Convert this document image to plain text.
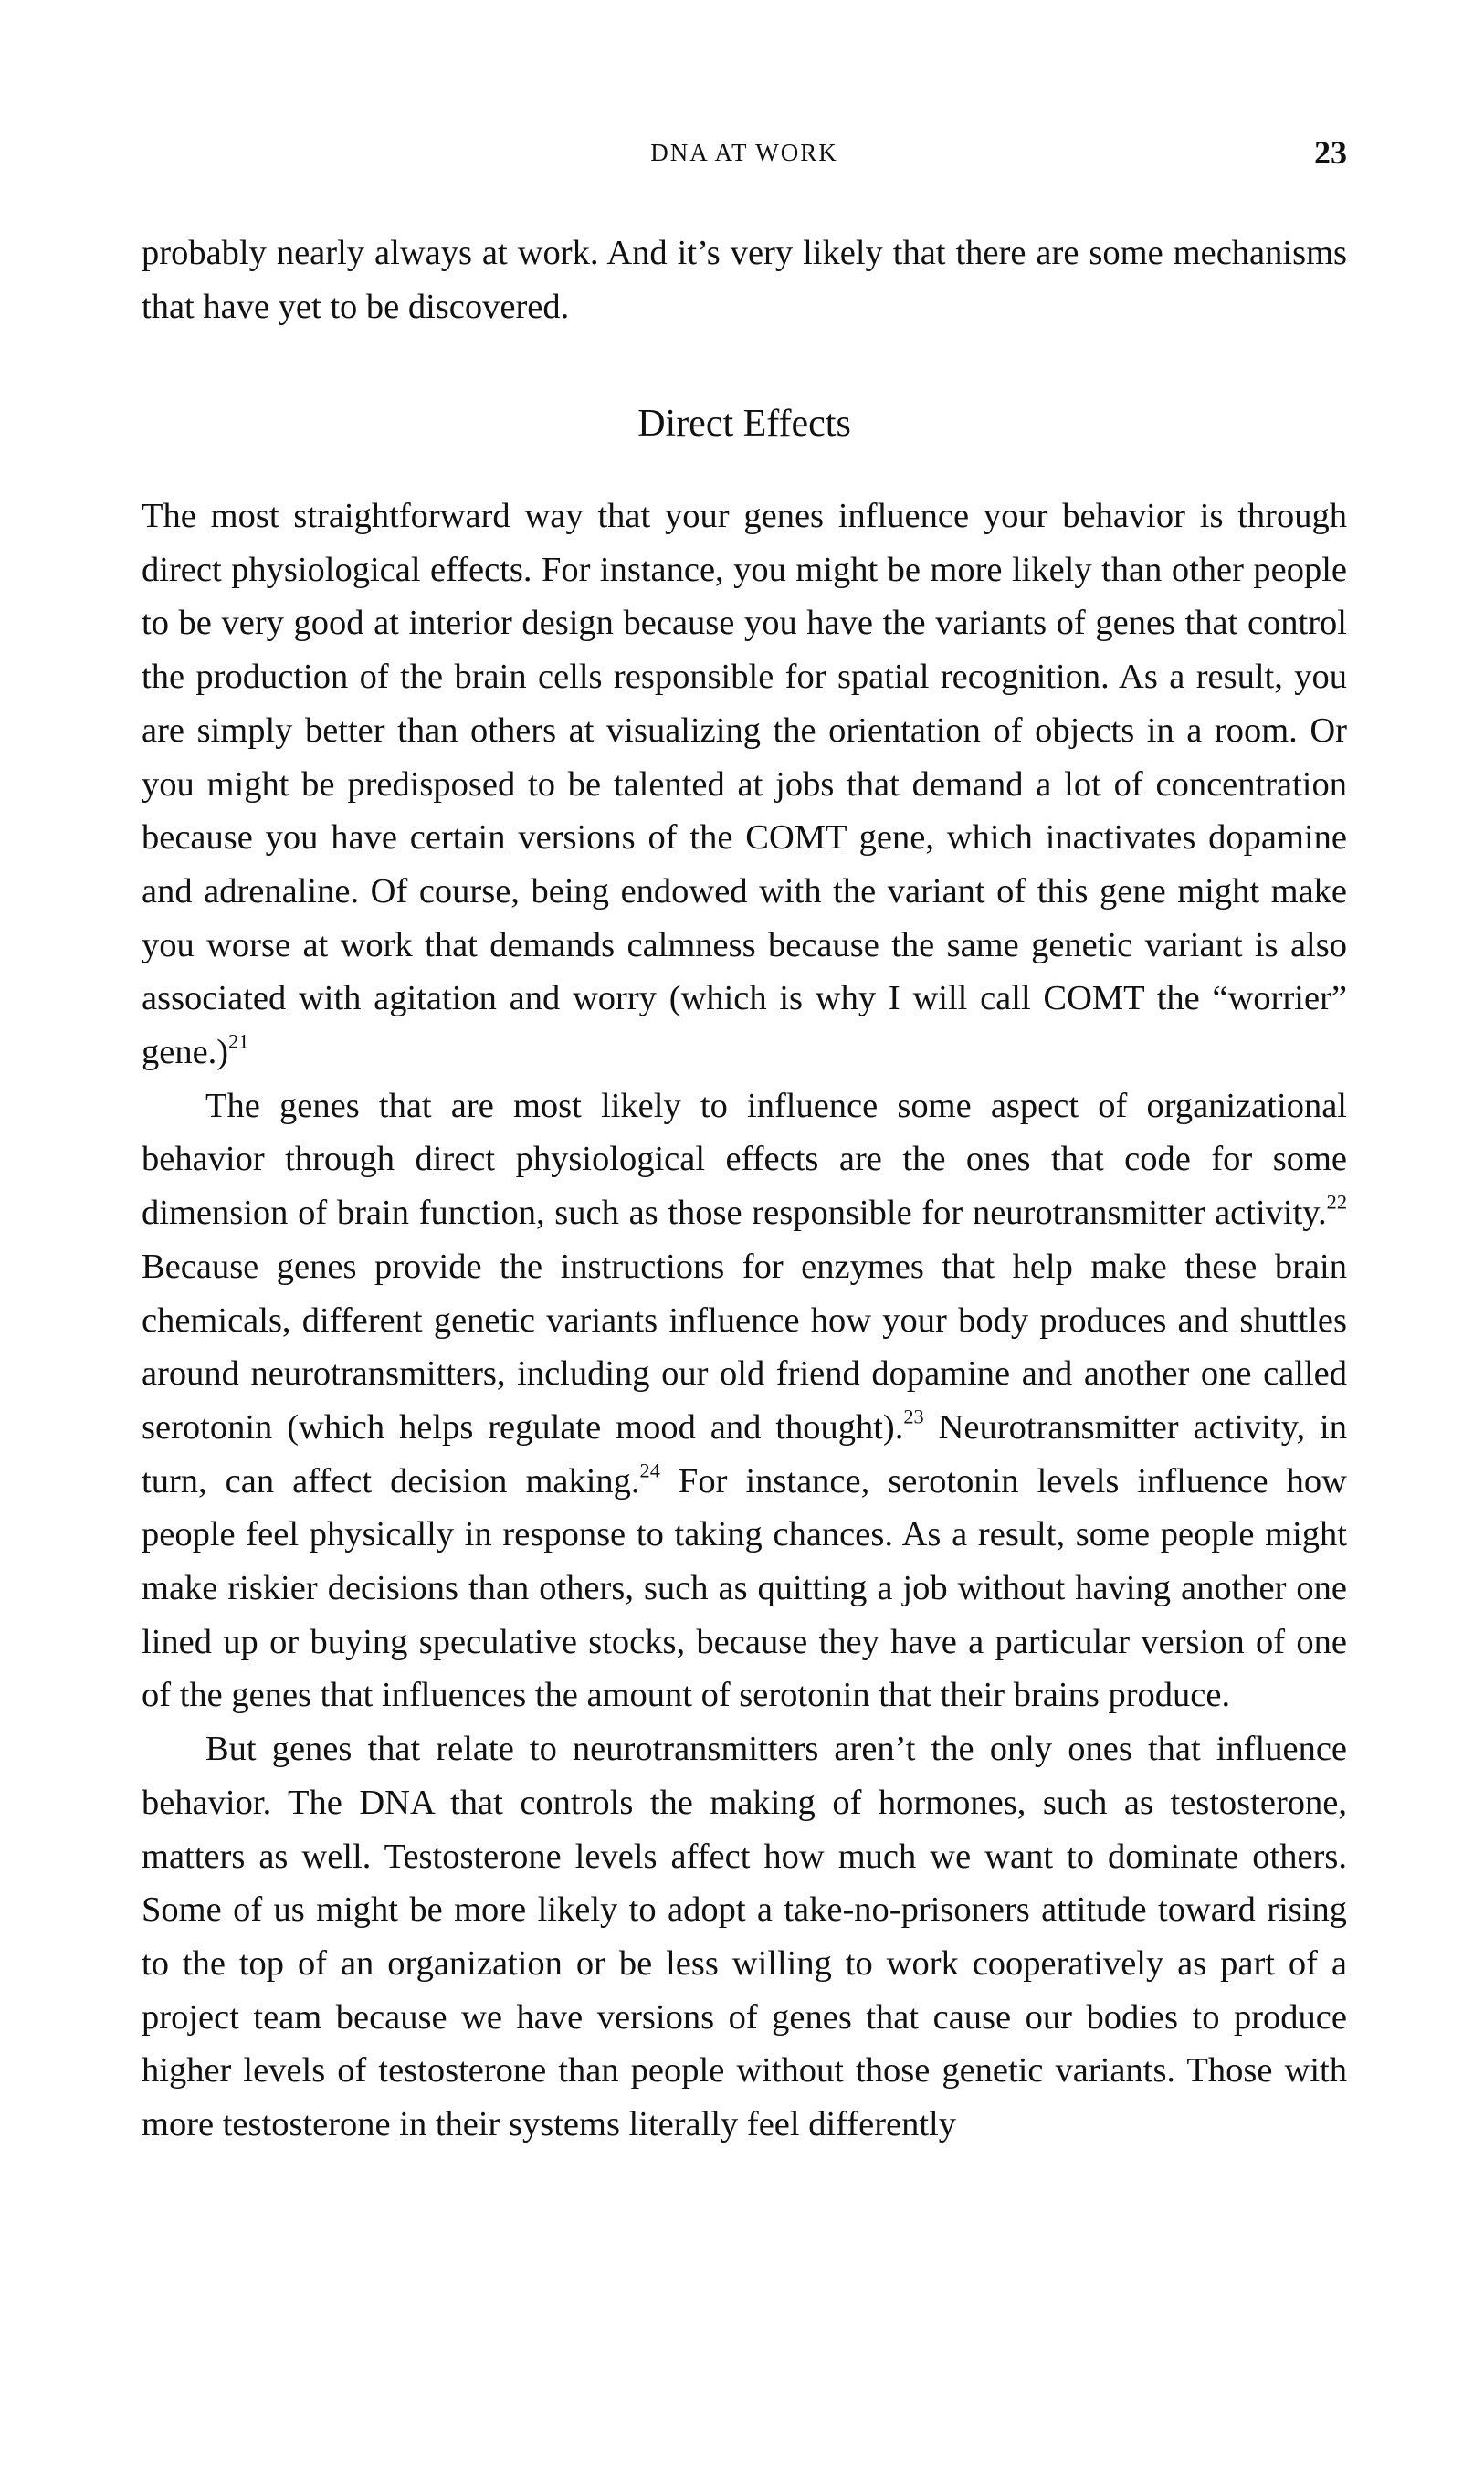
DNA AT WORK	23

probably nearly always at work. And it’s very likely that there are some mechanisms that have yet to be discovered.

Direct Effects

The most straightforward way that your genes influence your behavior is through direct physiological effects. For instance, you might be more likely than other people to be very good at interior design because you have the variants of genes that control the production of the brain cells responsible for spatial recognition. As a result, you are simply better than others at visualizing the orientation of objects in a room. Or you might be predisposed to be talented at jobs that demand a lot of concentration because you have certain versions of the COMT gene, which inactivates dopamine and adrenaline. Of course, being endowed with the variant of this gene might make you worse at work that demands calmness because the same genetic variant is also associated with agitation and worry (which is why I will call COMT the “worrier” gene.)$^{21}$

The genes that are most likely to influence some aspect of organizational behavior through direct physiological effects are the ones that code for some dimension of brain function, such as those responsible for neurotransmitter activity.$^{22}$ Because genes provide the instructions for enzymes that help make these brain chemicals, different genetic variants influence how your body produces and shuttles around neurotransmitters, including our old friend dopamine and another one called serotonin (which helps regulate mood and thought).$^{23}$ Neurotransmitter activity, in turn, can affect decision making.$^{24}$ For instance, serotonin levels influence how people feel physically in response to taking chances. As a result, some people might make riskier decisions than others, such as quitting a job without having another one lined up or buying speculative stocks, because they have a particular version of one of the genes that influences the amount of serotonin that their brains produce.

But genes that relate to neurotransmitters aren’t the only ones that influence behavior. The DNA that controls the making of hormones, such as testosterone, matters as well. Testosterone levels affect how much we want to dominate others. Some of us might be more likely to adopt a take-no-prisoners attitude toward rising to the top of an organization or be less willing to work cooperatively as part of a project team because we have versions of genes that cause our bodies to produce higher levels of testosterone than people without those genetic variants. Those with more testosterone in their systems literally feel differently
